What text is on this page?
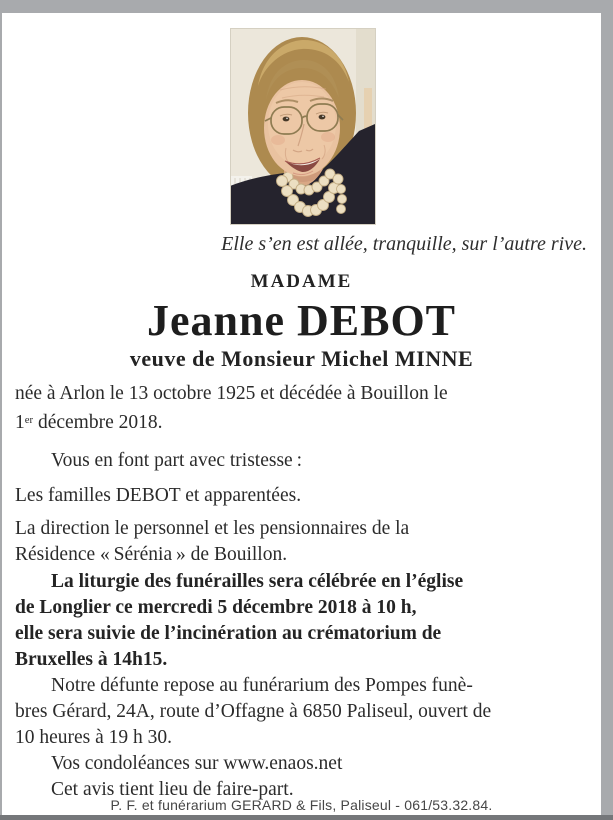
Elle s’en est allée, tranquille, sur l’autre rive.
MADAME
Jeanne DEBOT
veuve de Monsieur Michel MINNE
née à Arlon le 13 octobre 1925 et décédée à Bouillon le
1er décembre 2018.
Vous en font part avec tristesse :
Les familles DEBOT et apparentées.
La direction le personnel et les pensionnaires de la
Résidence « Sérénia » de Bouillon.
La liturgie des funérailles sera célébrée en l’église
de Longlier ce mercredi 5 décembre 2018 à 10 h,
elle sera suivie de l’incinération au crématorium de
Bruxelles à 14h15.
Notre défunte repose au funérarium des Pompes funè-
bres Gérard, 24A, route d’Offagne à 6850 Paliseul, ouvert de
10 heures à 19 h 30.
Vos condoléances sur www.enaos.net
Cet avis tient lieu de faire-part.
P. F. et funérarium GERARD & Fils, Paliseul - 061/53.32.84.
